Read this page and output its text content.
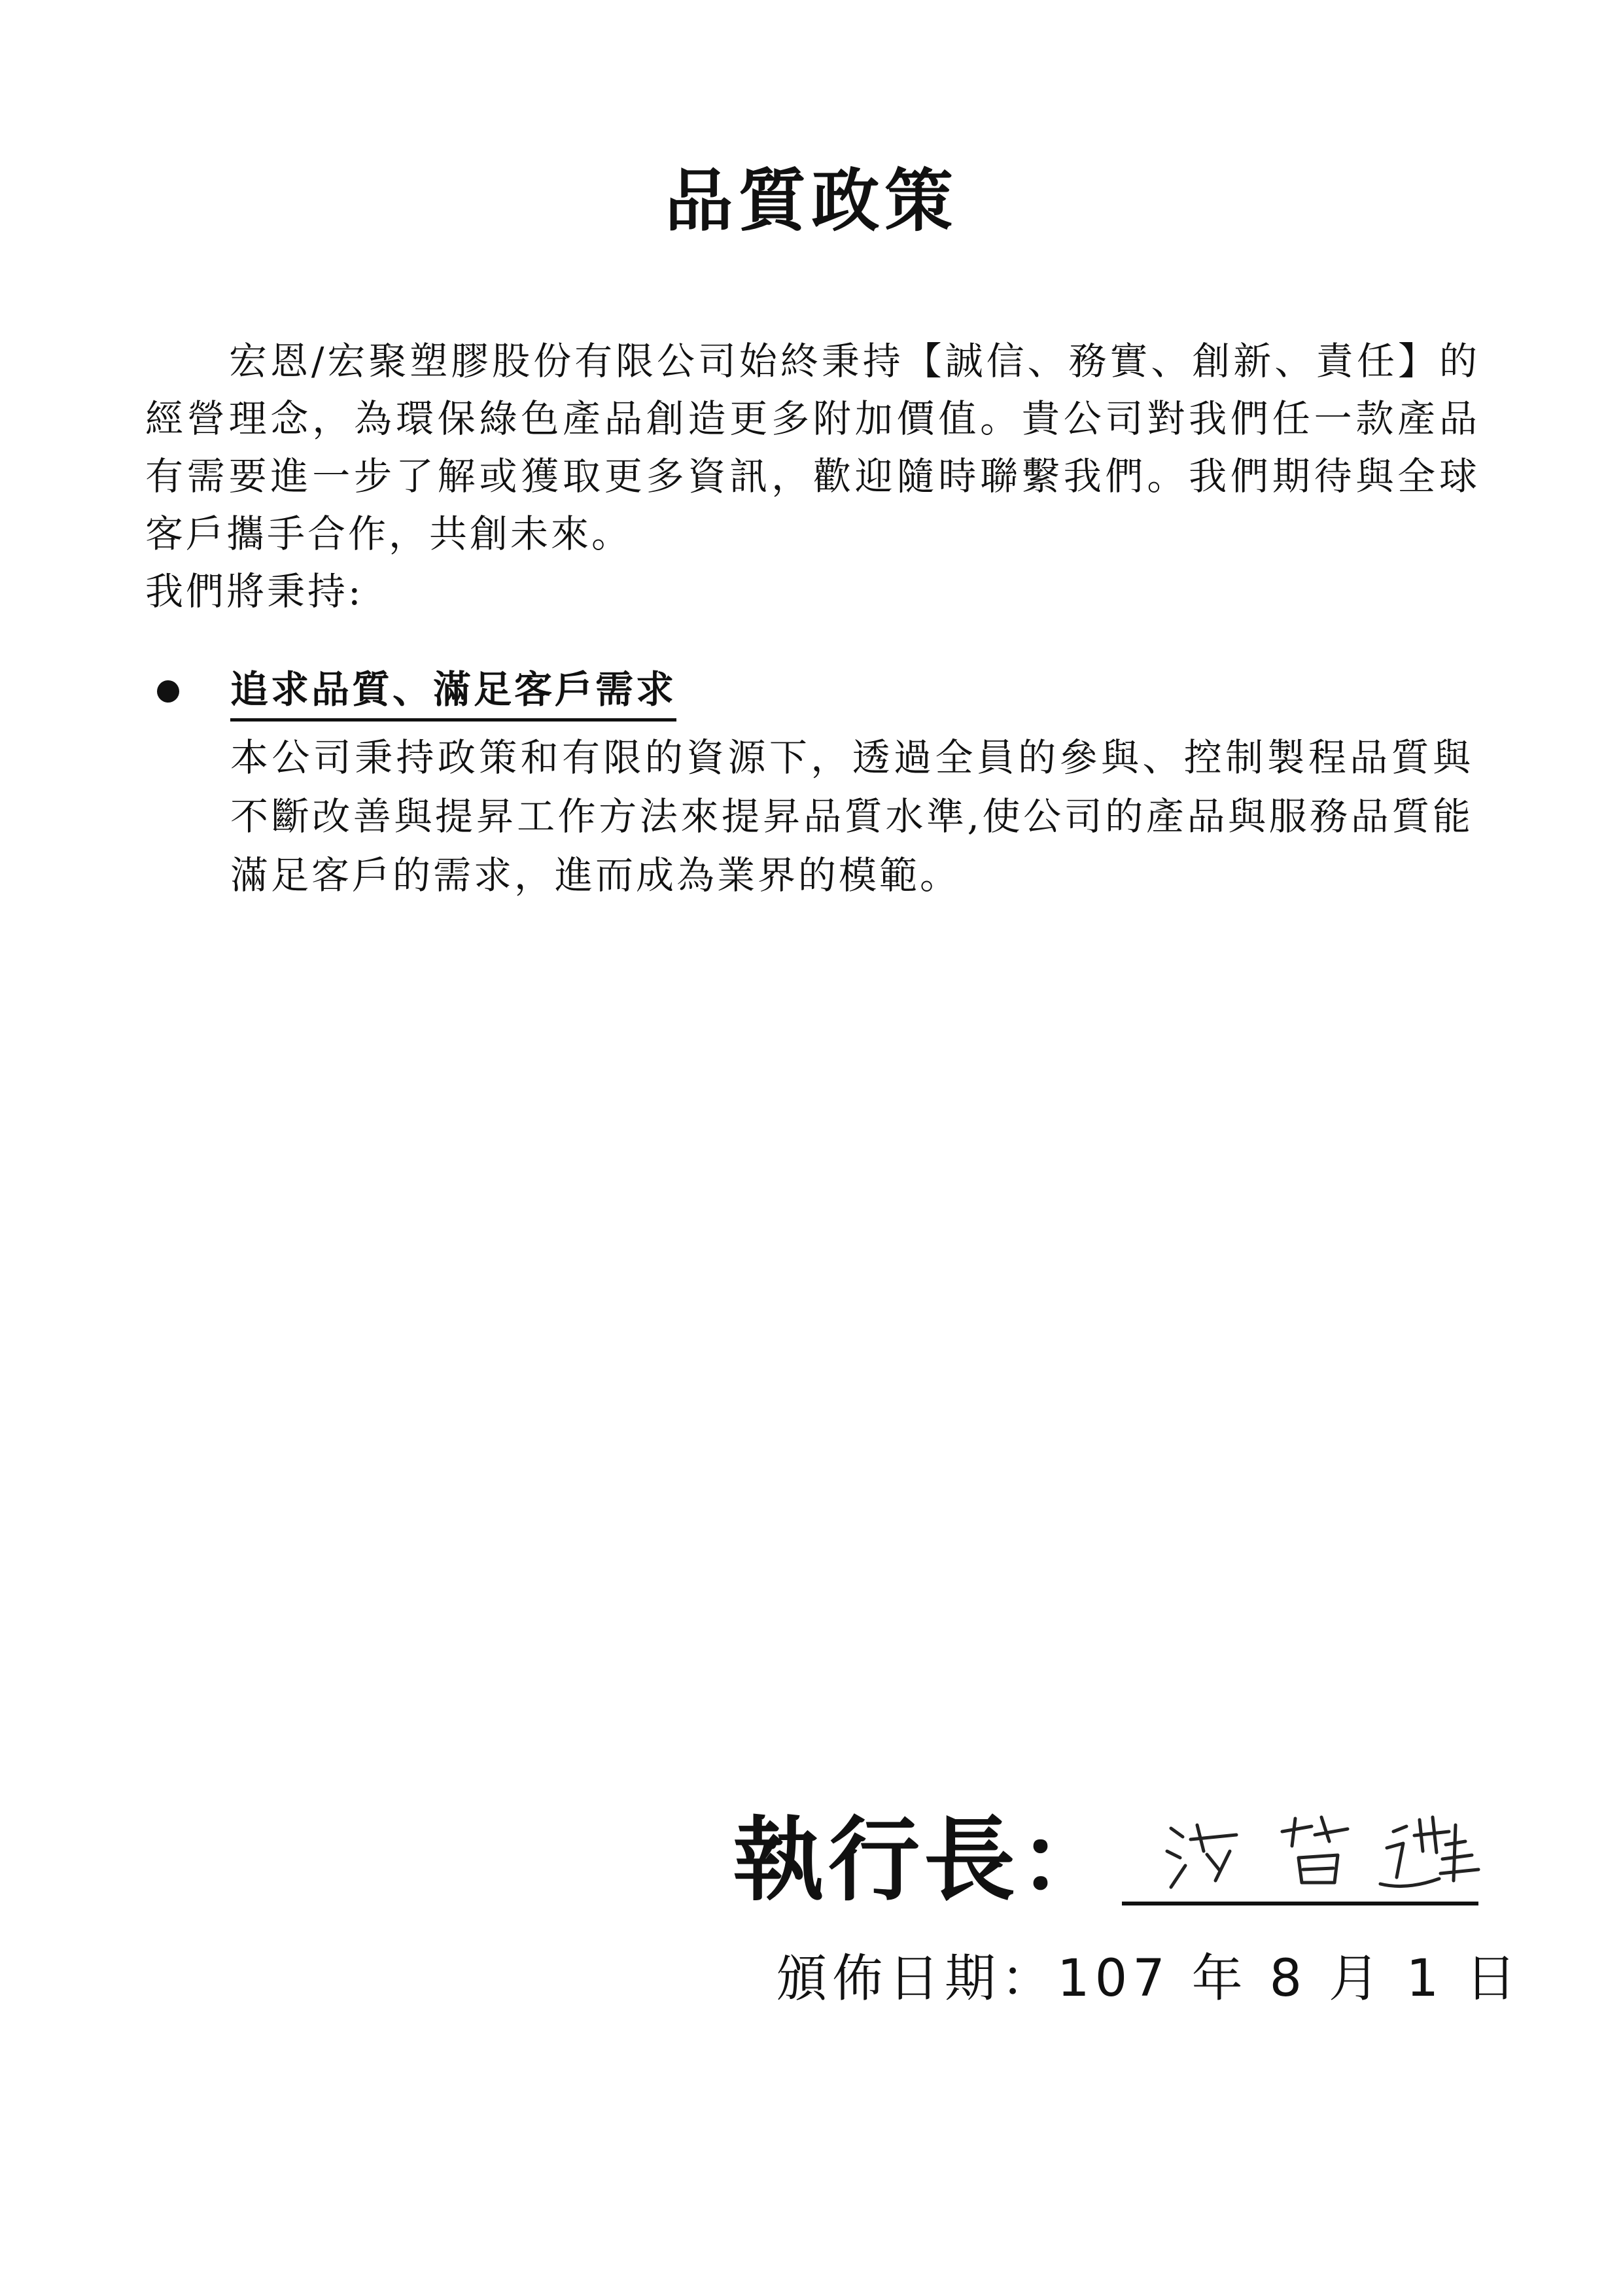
品質政策

宏恩/宏聚塑膠股份有限公司始終秉持【誠信、務實、創新、責任】的經營理念，為環保綠色產品創造更多附加價值。貴公司對我們任一款產品有需要進一步了解或獲取更多資訊，歡迎隨時聯繫我們。我們期待與全球客戶攜手合作，共創未來。

我們將秉持:

追求品質、滿足客戶需求
本公司秉持政策和有限的資源下，透過全員的參與、控制製程品質與不斷改善與提昇工作方法來提昇品質水準,使公司的產品與服務品質能滿足客戶的需求，進而成為業界的模範。
執行長：
頒佈日期：107 年 8 月 1 日
